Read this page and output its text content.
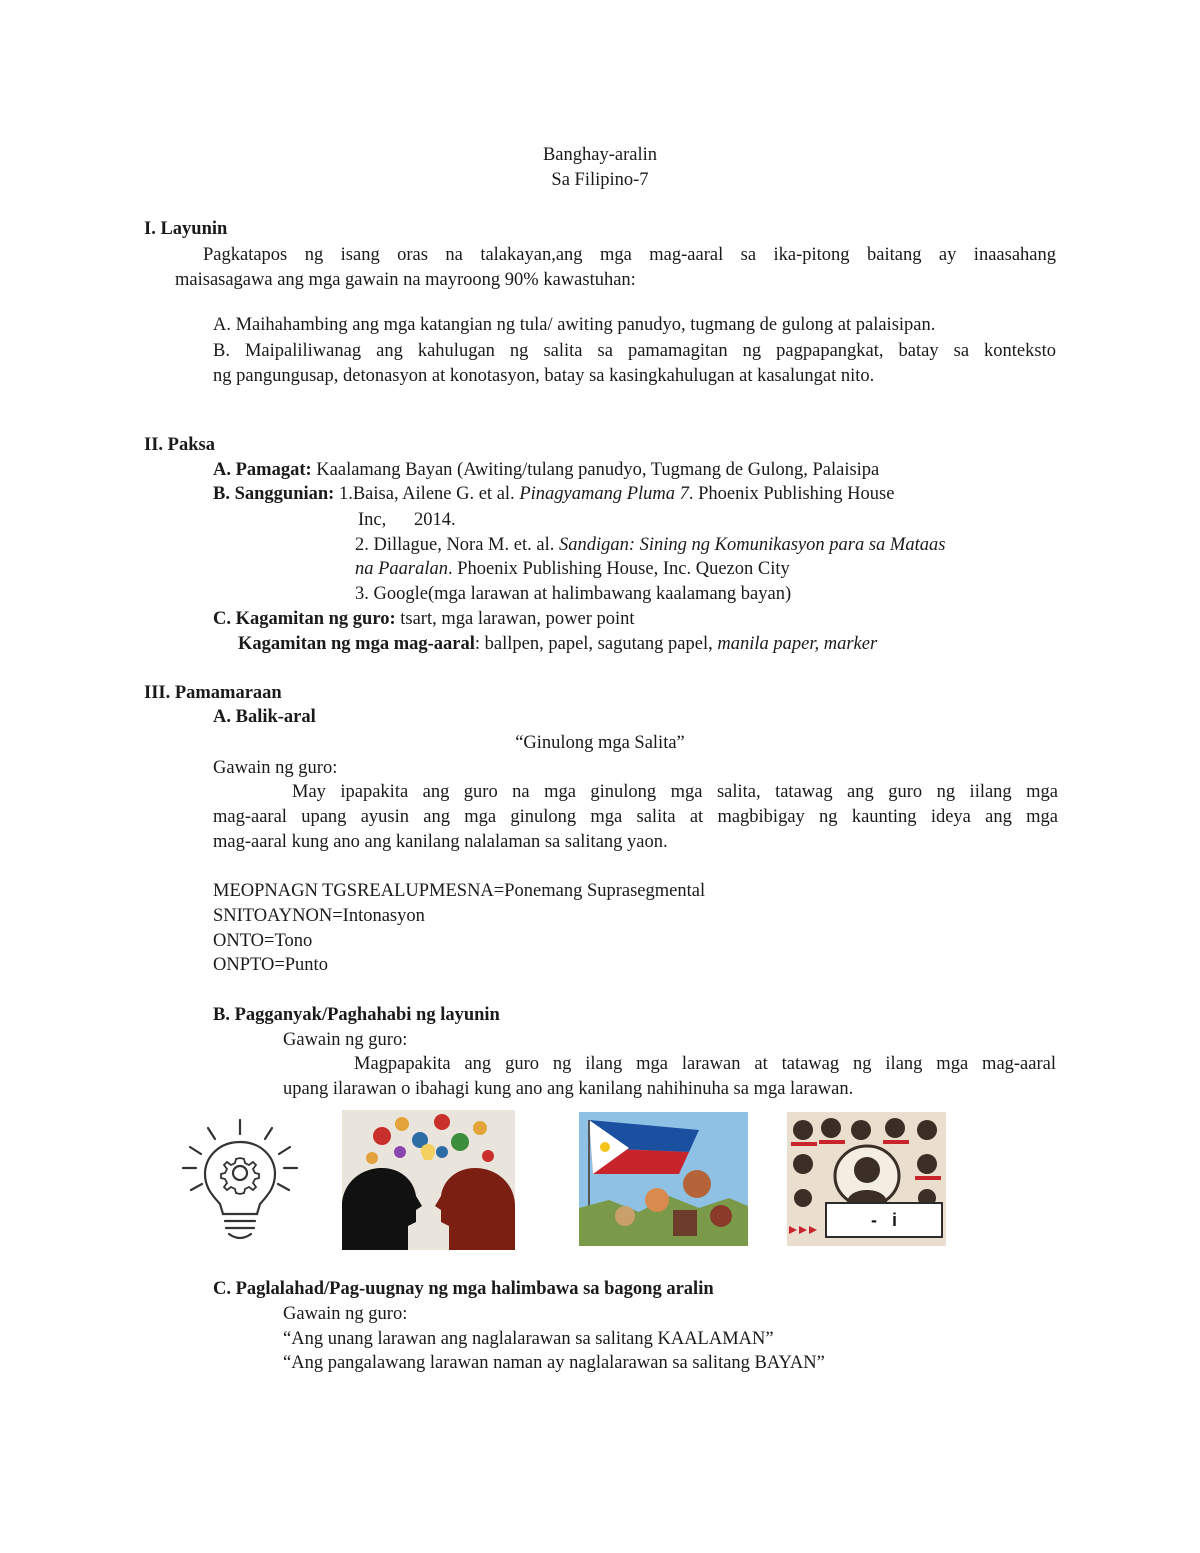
Banghay-aralin
Sa Filipino-7
I. Layunin
Pagkatapos ng isang oras na talakayan,ang mga mag-aaral sa ika-pitong baitang ay inaasahang
maisasagawa ang mga gawain na mayroong 90% kawastuhan:
A. Maihahambing ang mga katangian ng tula/ awiting panudyo, tugmang de gulong at palaisipan.
B. Maipaliliwanag ang kahulugan ng salita sa pamamagitan ng pagpapangkat, batay sa konteksto
ng pangungusap, detonasyon at konotasyon, batay sa kasingkahulugan at kasalungat nito.
II. Paksa
A. Pamagat: Kaalamang Bayan (Awiting/tulang panudyo, Tugmang de Gulong, Palaisipa
B. Sanggunian: 1.Baisa, Ailene G. et al. Pinagyamang Pluma 7. Phoenix Publishing House
Inc,      2014.
2. Dillague, Nora M. et. al. Sandigan: Sining ng Komunikasyon para sa Mataas
na Paaralan. Phoenix Publishing House, Inc. Quezon City
3. Google(mga larawan at halimbawang kaalamang bayan)
C. Kagamitan ng guro: tsart, mga larawan, power point
Kagamitan ng mga mag-aaral: ballpen, papel, sagutang papel, manila paper, marker
III. Pamamaraan
A. Balik-aral
“Ginulong mga Salita”
Gawain ng guro:
May ipapakita ang guro na mga ginulong mga salita, tatawag ang guro ng iilang mga
mag-aaral upang ayusin ang mga ginulong mga salita at magbibigay ng kaunting ideya ang mga
mag-aaral kung ano ang kanilang nalalaman sa salitang yaon.
MEOPNAGN TGSREALUPMESNA=Ponemang Suprasegmental
SNITOAYNON=Intonasyon
ONTO=Tono
ONPTO=Punto
B. Pagganyak/Paghahabi ng layunin
Gawain ng guro:
Magpapakita ang guro ng ilang mga larawan at tatawag ng ilang mga mag-aaral
upang ilarawan o ibahagi kung ano ang kanilang nahihinuha sa mga larawan.
-   i
C. Paglalahad/Pag-uugnay ng mga halimbawa sa bagong aralin
Gawain ng guro:
“Ang unang larawan ang naglalarawan sa salitang KAALAMAN”
“Ang pangalawang larawan naman ay naglalarawan sa salitang BAYAN”
